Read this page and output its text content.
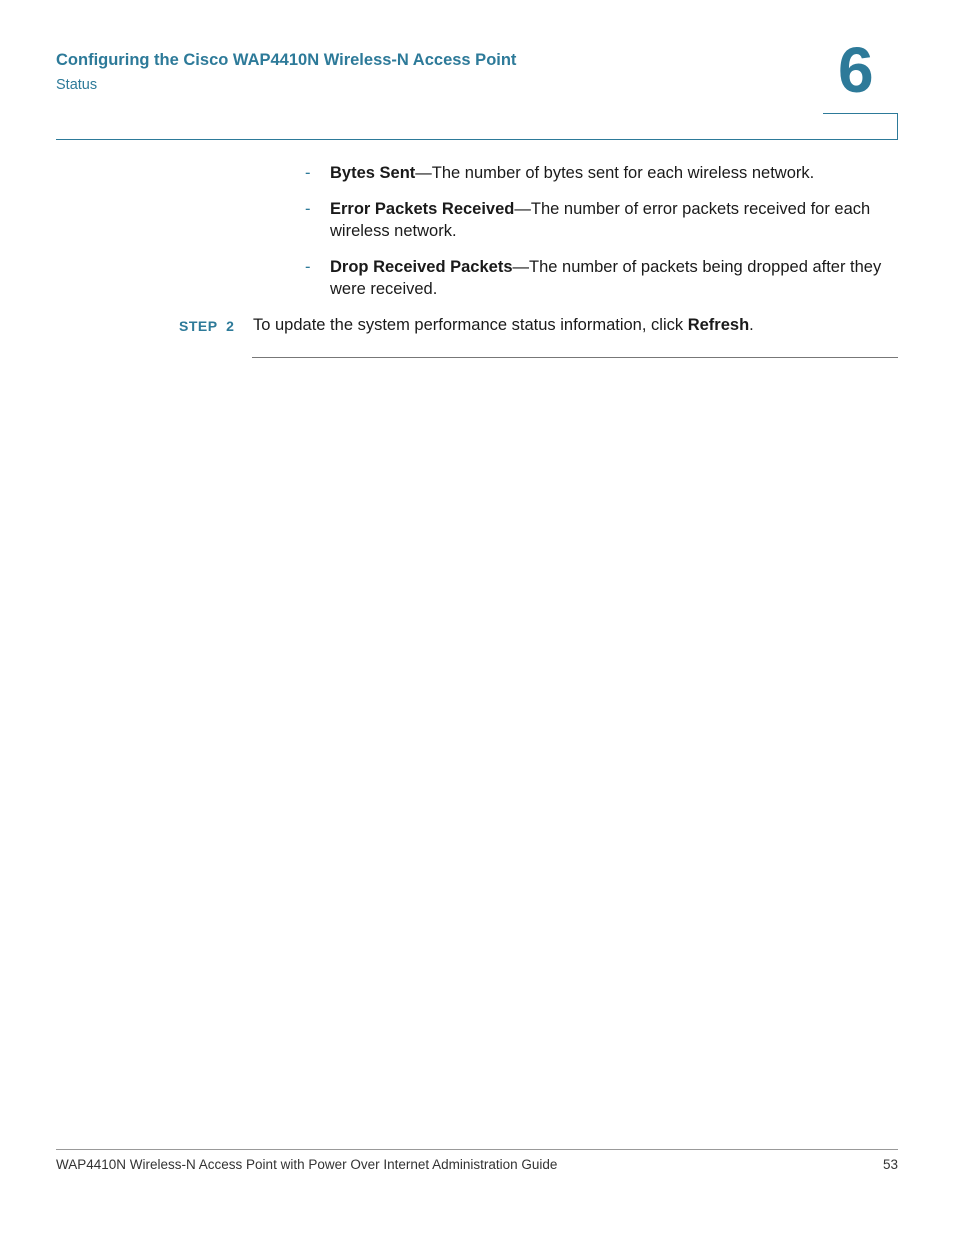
Configuring the Cisco WAP4410N Wireless-N Access Point
Status	6
- Bytes Sent—The number of bytes sent for each wireless network.
- Error Packets Received—The number of error packets received for each wireless network.
- Drop Received Packets—The number of packets being dropped after they were received.
STEP  2 To update the system performance status information, click Refresh.
WAP4410N Wireless-N Access Point with Power Over Internet Administration Guide	53
